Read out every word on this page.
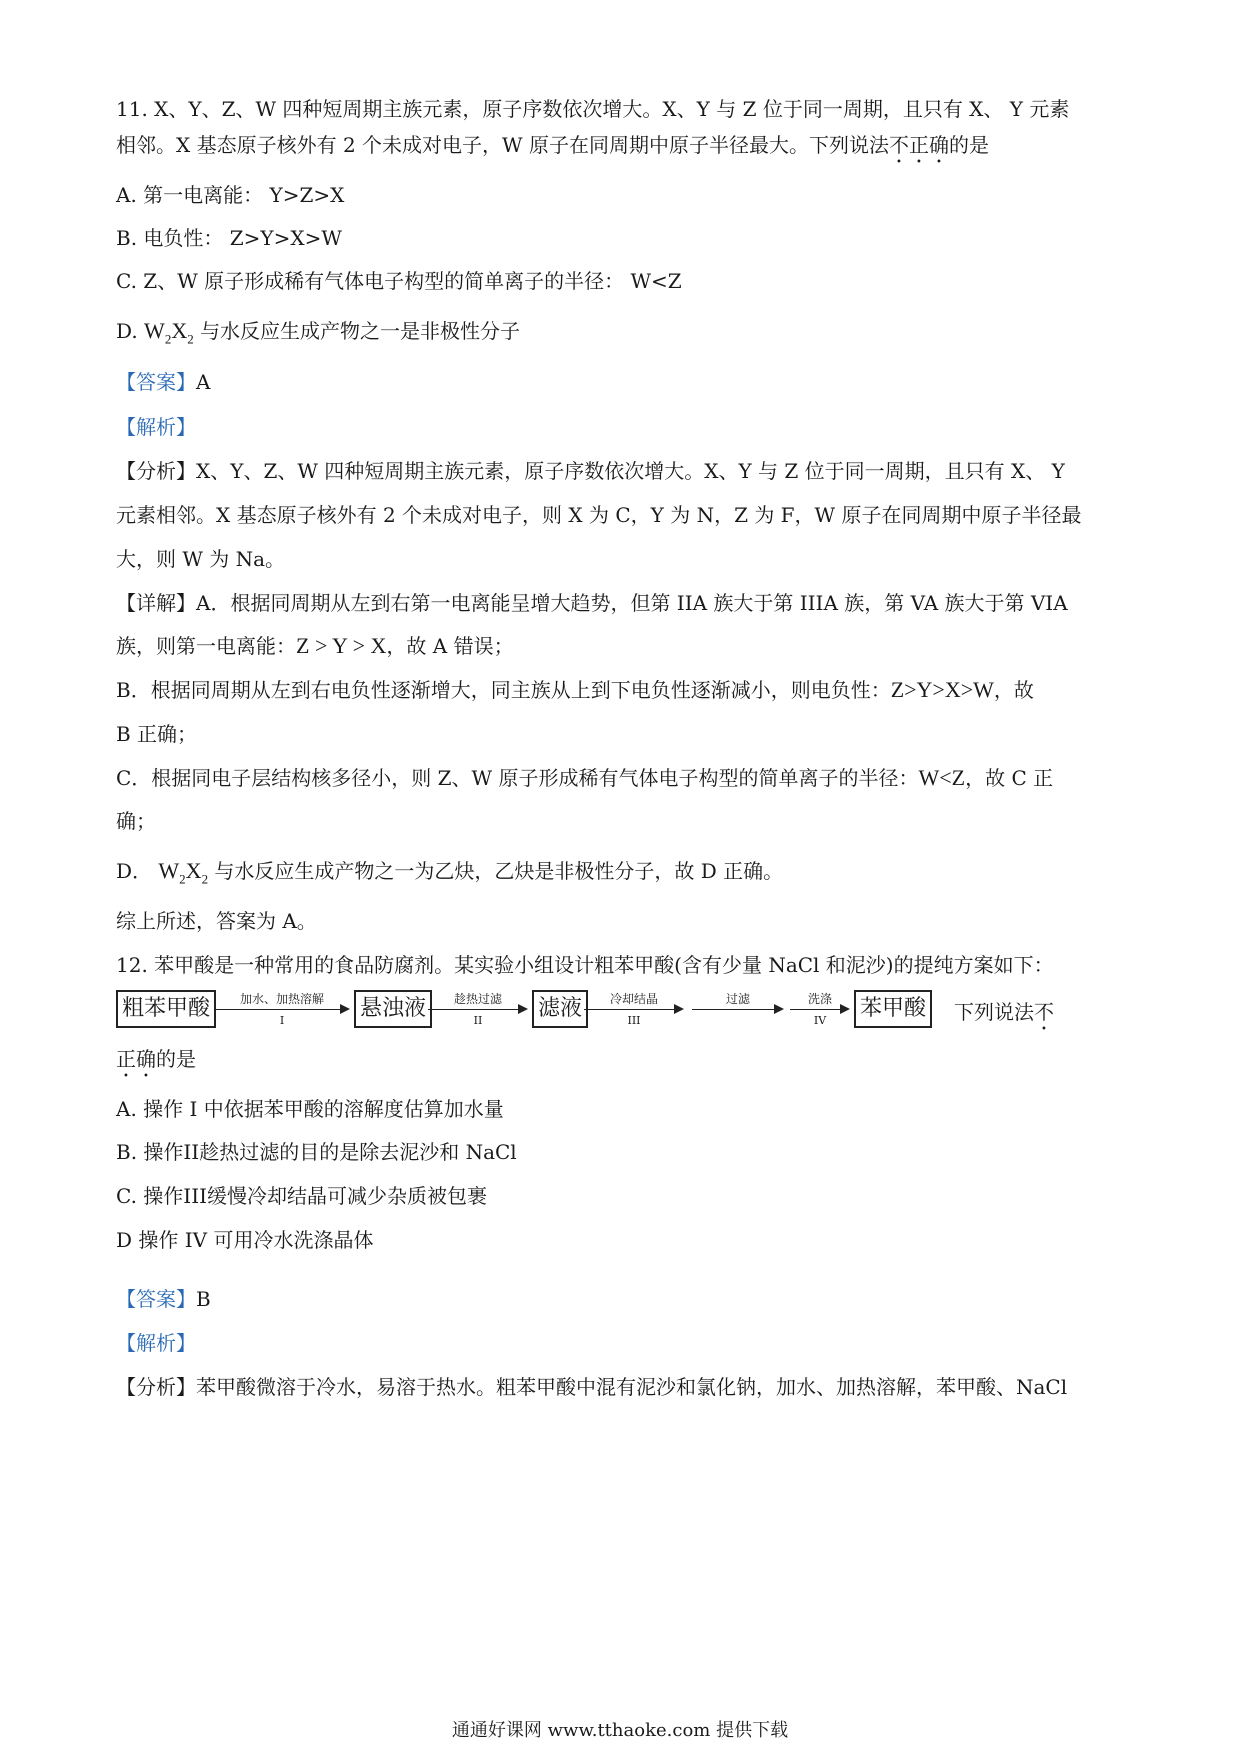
11. X、Y、Z、W 四种短周期主族元素，原子序数依次增大。X、Y 与 Z 位于同一周期，且只有 X、 Y 元素
相邻。X 基态原子核外有 2 个未成对电子，W 原子在同周期中原子半径最大。下列说法不正确的是
A. 第一电离能： Y>Z>X
B. 电负性： Z>Y>X>W
C. Z、W 原子形成稀有气体电子构型的简单离子的半径： W<Z
D. $W_2X_2$ 与水反应生成产物之一是非极性分子
【答案】A
【解析】
【分析】X、Y、Z、W 四种短周期主族元素，原子序数依次增大。X、Y 与 Z 位于同一周期，且只有 X、 Y
元素相邻。X 基态原子核外有 2 个未成对电子，则 X 为 C，Y 为 N，Z 为 F，W 原子在同周期中原子半径最
大，则 W 为 Na。
【详解】A．根据同周期从左到右第一电离能呈增大趋势，但第 IIA 族大于第 IIIA 族，第 VA 族大于第 VIA
族，则第一电离能：Z > Y > X，故 A 错误；
B．根据同周期从左到右电负性逐渐增大，同主族从上到下电负性逐渐减小，则电负性：Z>Y>X>W，故
B 正确；
C．根据同电子层结构核多径小，则 Z、W 原子形成稀有气体电子构型的简单离子的半径：W<Z，故 C 正
确；
D． $W_2X_2$ 与水反应生成产物之一为乙炔，乙炔是非极性分子，故 D 正确。
综上所述，答案为 A。
12. 苯甲酸是一种常用的食品防腐剂。某实验小组设计粗苯甲酸(含有少量 NaCl 和泥沙)的提纯方案如下：
粗苯甲酸	加水、加热溶解
I	悬浊液	趁热过滤
II	滤液	冷却结晶
III
过滤	洗涤
IV	苯甲酸	下列说法不
正确的是
A. 操作 I 中依据苯甲酸的溶解度估算加水量
B. 操作II趁热过滤的目的是除去泥沙和 NaCl
C. 操作III缓慢冷却结晶可减少杂质被包裹
D 操作 IV 可用冷水洗涤晶体
【答案】B
【解析】
【分析】苯甲酸微溶于冷水，易溶于热水。粗苯甲酸中混有泥沙和氯化钠，加水、加热溶解，苯甲酸、NaCl
通通好课网 www.tthaoke.com 提供下载
